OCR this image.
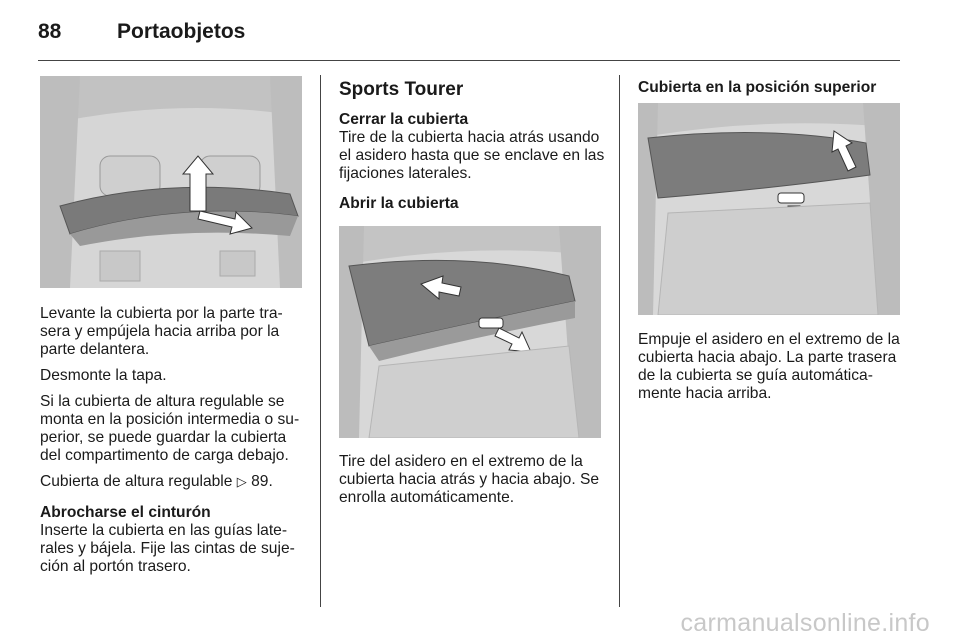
88	Portaobjetos

Levante la cubierta por la parte tra-
sera y empújela hacia arriba por la
parte delantera.

Desmonte la tapa.

Si la cubierta de altura regulable se
monta en la posición intermedia o su-
perior, se puede guardar la cubierta
del compartimento de carga debajo.

Cubierta de altura regulable ▷ 89.

Abrocharse el cinturón

Inserte la cubierta en las guías late-
rales y bájela. Fije las cintas de suje-
ción al portón trasero.

Sports Tourer

Cerrar la cubierta

Tire de la cubierta hacia atrás usando
el asidero hasta que se enclave en las
fijaciones laterales.

Abrir la cubierta

Tire del asidero en el extremo de la
cubierta hacia atrás y hacia abajo. Se
enrolla automáticamente.

Cubierta en la posición superior

Empuje el asidero en el extremo de la
cubierta hacia abajo. La parte trasera
de la cubierta se guía automática-
mente hacia arriba.

carmanualsonline.info
